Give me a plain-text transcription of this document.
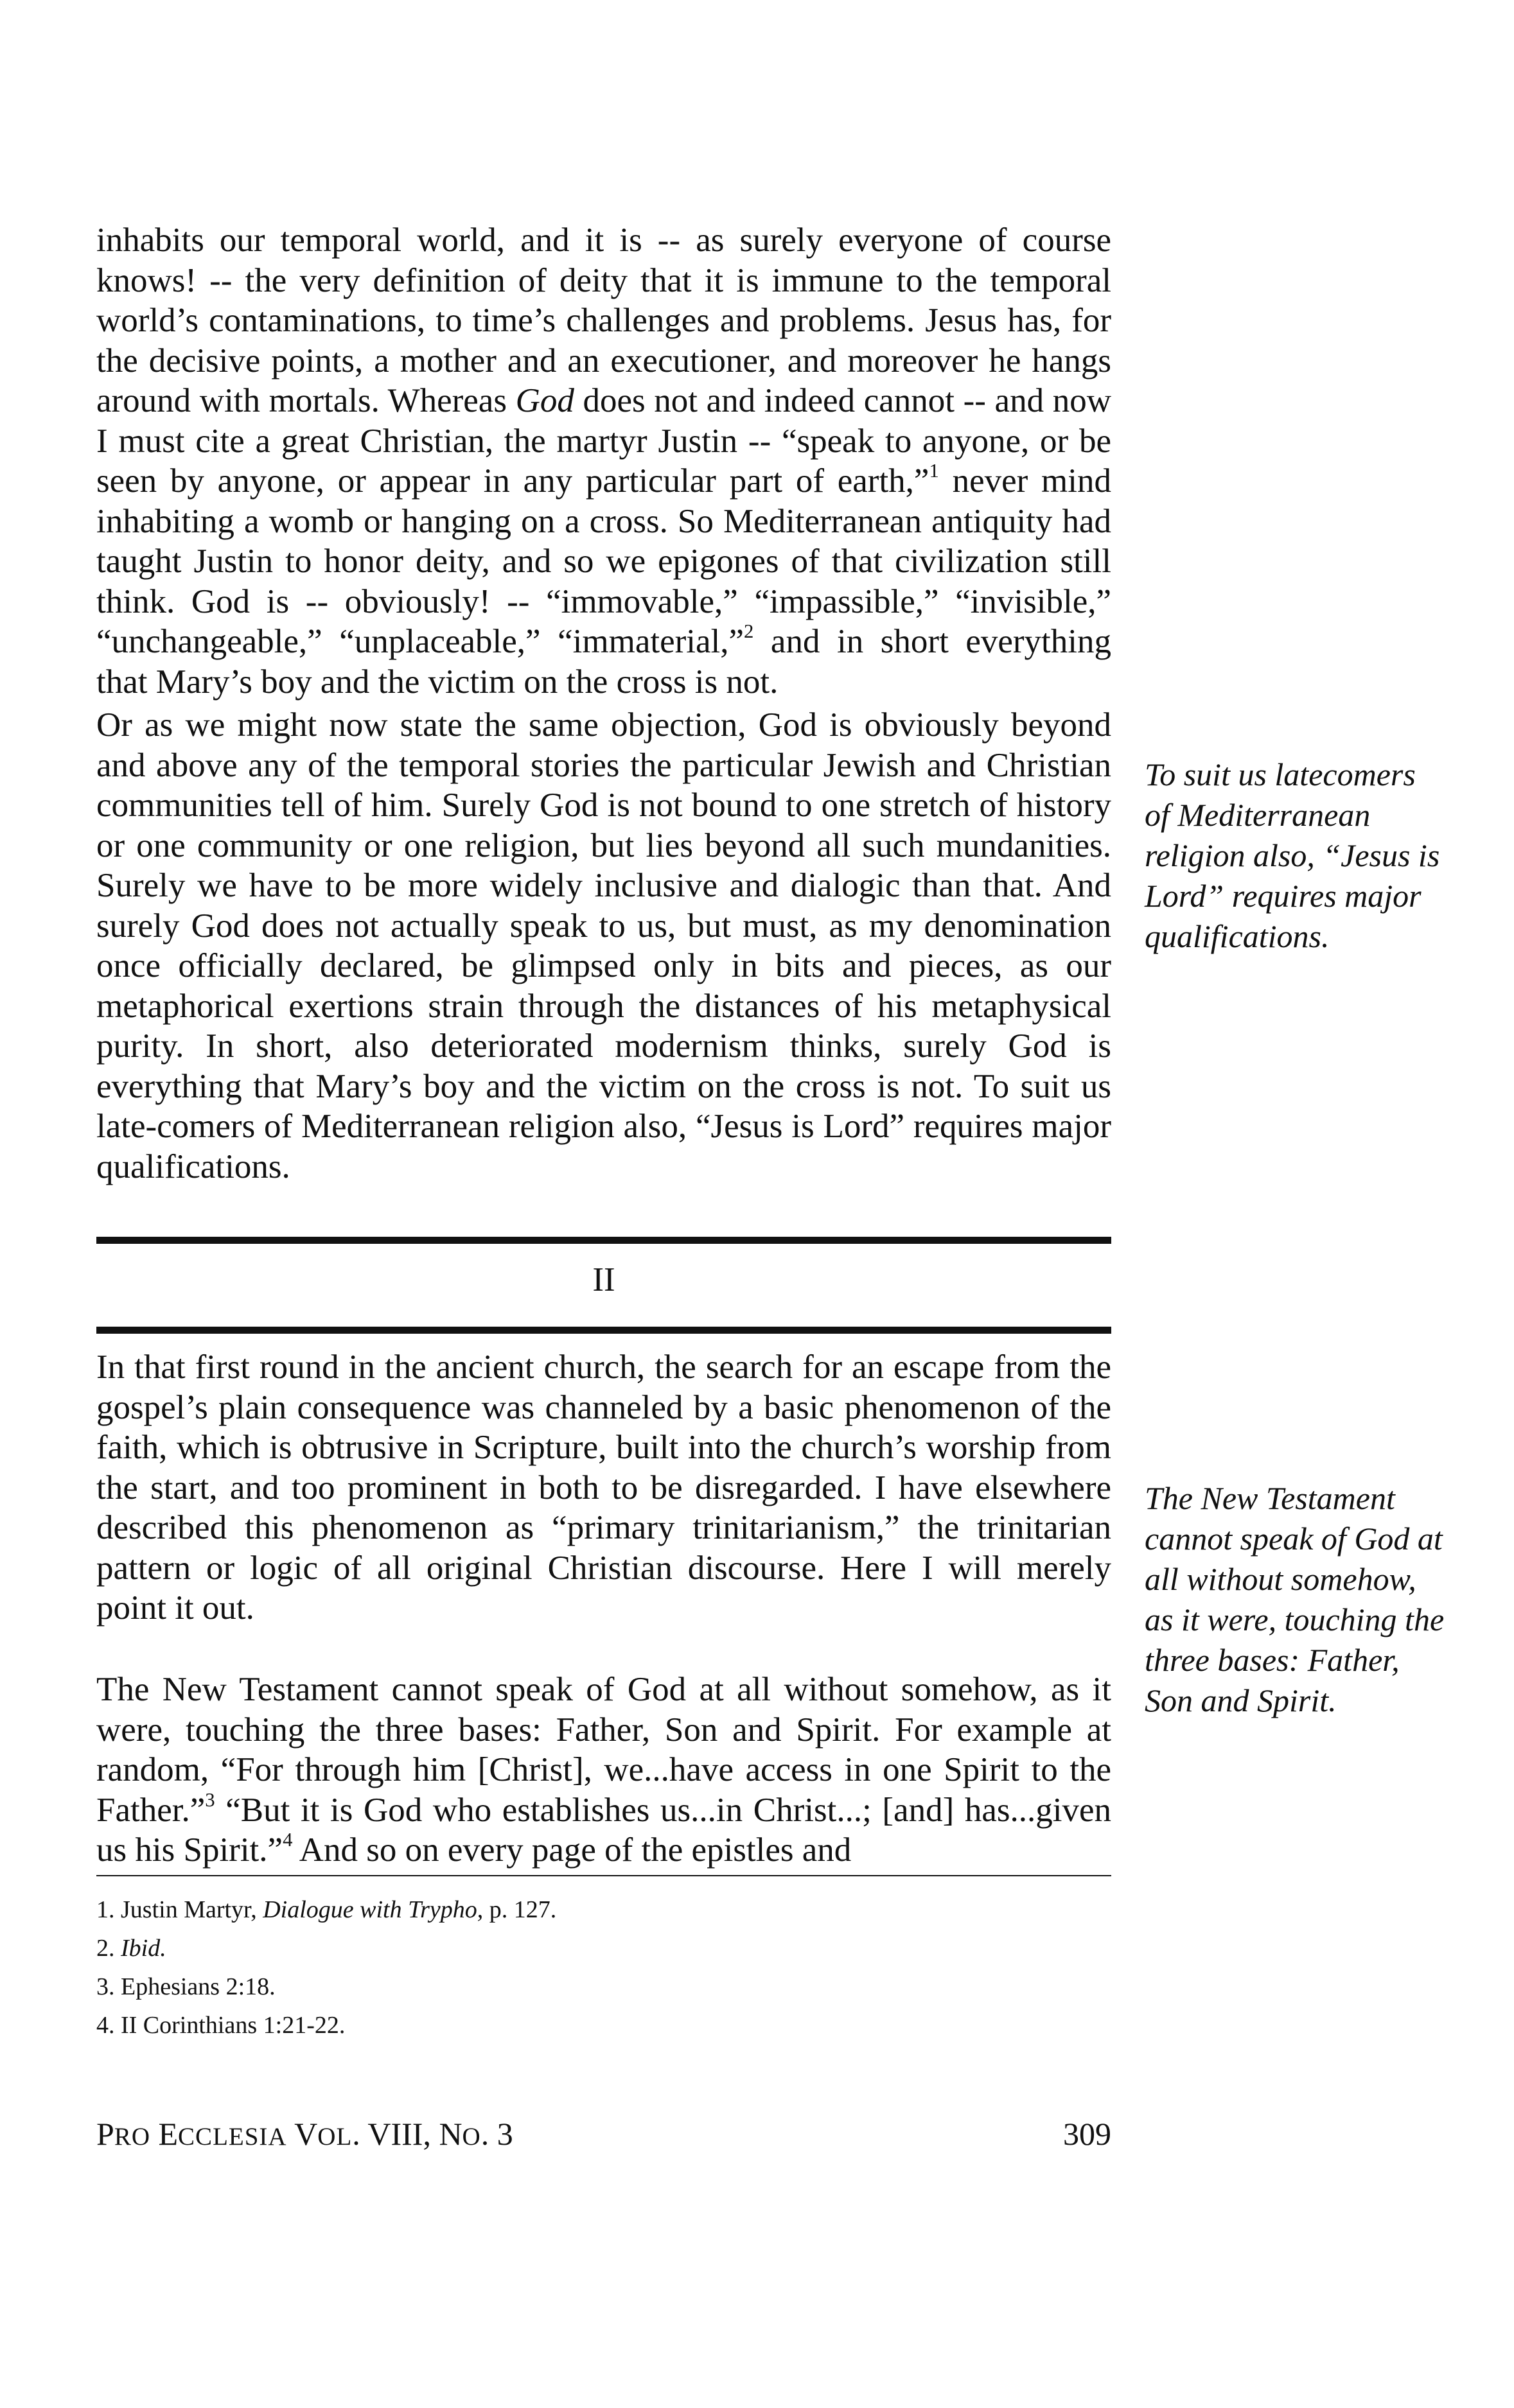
inhabits our temporal world, and it is -- as surely everyone of course knows! -- the very definition of deity that it is immune to the temporal world’s contaminations, to time’s challenges and problems. Jesus has, for the decisive points, a mother and an executioner, and moreover he hangs around with mortals. Whereas God does not and indeed cannot -- and now I must cite a great Christian, the martyr Justin -- “speak to anyone, or be seen by anyone, or appear in any particular part of earth,”$^1$ never mind inhabiting a womb or hanging on a cross. So Mediterranean antiquity had taught Justin to honor deity, and so we epigones of that civilization still think. God is -- obviously! -- “immovable,” “impassible,” “invisible,” “unchangeable,” “unplaceable,” “immaterial,”$^2$ and in short everything that Mary’s boy and the victim on the cross is not.

Or as we might now state the same objection, God is obviously beyond and above any of the temporal stories the particular Jewish and Christian communities tell of him. Surely God is not bound to one stretch of history or one community or one religion, but lies beyond all such mundanities. Surely we have to be more widely inclusive and dialogic than that. And surely God does not actually speak to us, but must, as my denomination once officially declared, be glimpsed only in bits and pieces, as our metaphorical exertions strain through the distances of his metaphysical purity. In short, also deteriorated modernism thinks, surely God is everything that Mary’s boy and the victim on the cross is not. To suit us late-comers of Mediterranean religion also, “Jesus is Lord” requires major qualifications.

To suit us latecomers of Mediterranean religion also, “Jesus is Lord” requires major qualifications.
II

In that first round in the ancient church, the search for an escape from the gospel’s plain consequence was channeled by a basic phenomenon of the faith, which is obtrusive in Scripture, built into the church’s worship from the start, and too prominent in both to be disregarded. I have elsewhere described this phenomenon as “primary trinitarianism,” the trinitarian pattern or logic of all original Christian discourse. Here I will merely point it out.

The New Testament cannot speak of God at all without somehow, as it were, touching the three bases: Father, Son and Spirit. For example at random, “For through him [Christ], we...have access in one Spirit to the Father.”$^3$ “But it is God who establishes us...in Christ...; [and] has...given us his Spirit.”$^4$ And so on every page of the epistles and

The New Testament cannot speak of God at all without somehow, as it were, touching the three bases: Father, Son and Spirit.
1. Justin Martyr, Dialogue with Trypho, p. 127.
2. Ibid.
3. Ephesians 2:18.
4. II Corinthians 1:21-22.
PRO ECCLESIA VOL. VIII, NO. 3	309
